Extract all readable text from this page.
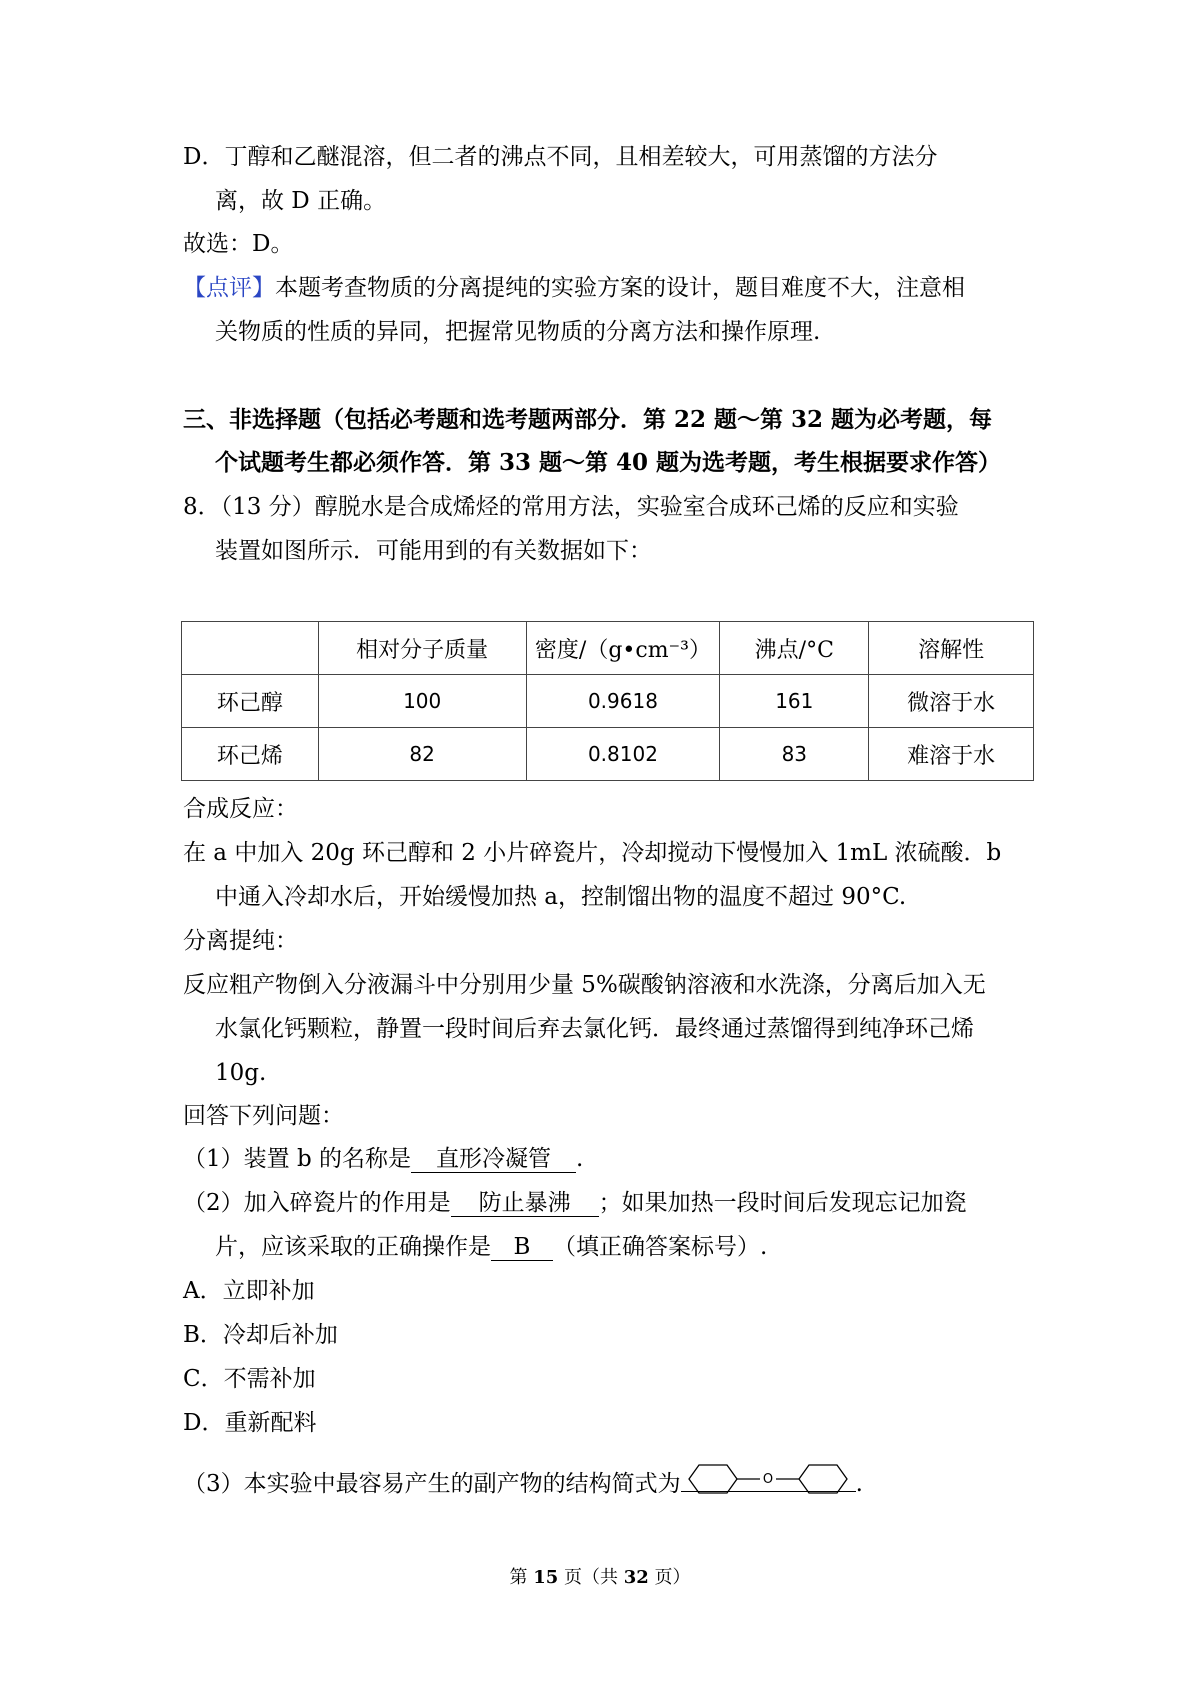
D．丁醇和乙醚混溶，但二者的沸点不同，且相差较大，可用蒸馏的方法分
离，故 D 正确。
故选：D。
【点评】本题考查物质的分离提纯的实验方案的设计，题目难度不大，注意相
关物质的性质的异同，把握常见物质的分离方法和操作原理.
三、非选择题（包括必考题和选考题两部分．第 22 题～第 32 题为必考题，每
个试题考生都必须作答．第 33 题～第 40 题为选考题，考生根据要求作答）
8．（13 分）醇脱水是合成烯烃的常用方法，实验室合成环己烯的反应和实验
装置如图所示．可能用到的有关数据如下：
	相对分子质量	密度/（g•cm⁻³）	沸点/°C	溶解性
环己醇	100	0.9618	161	微溶于水
环己烯	82	0.8102	83	难溶于水
合成反应：
在 a 中加入 20g 环己醇和 2 小片碎瓷片，冷却搅动下慢慢加入 1mL 浓硫酸．b
中通入冷却水后，开始缓慢加热 a，控制馏出物的温度不超过 90°C.
分离提纯：
反应粗产物倒入分液漏斗中分别用少量 5%碳酸钠溶液和水洗涤，分离后加入无
水氯化钙颗粒，静置一段时间后弃去氯化钙．最终通过蒸馏得到纯净环己烯
10g.
回答下列问题：
（1）装置 b 的名称是 直形冷凝管 .
（2）加入碎瓷片的作用是 防止暴沸 ；如果加热一段时间后发现忘记加瓷
片，应该采取的正确操作是 B （填正确答案标号）.
A．立即补加
B．冷却后补加
C．不需补加
D．重新配料
（3）本实验中最容易产生的副产物的结构简式为	O	.
第 15 页（共 32 页）
